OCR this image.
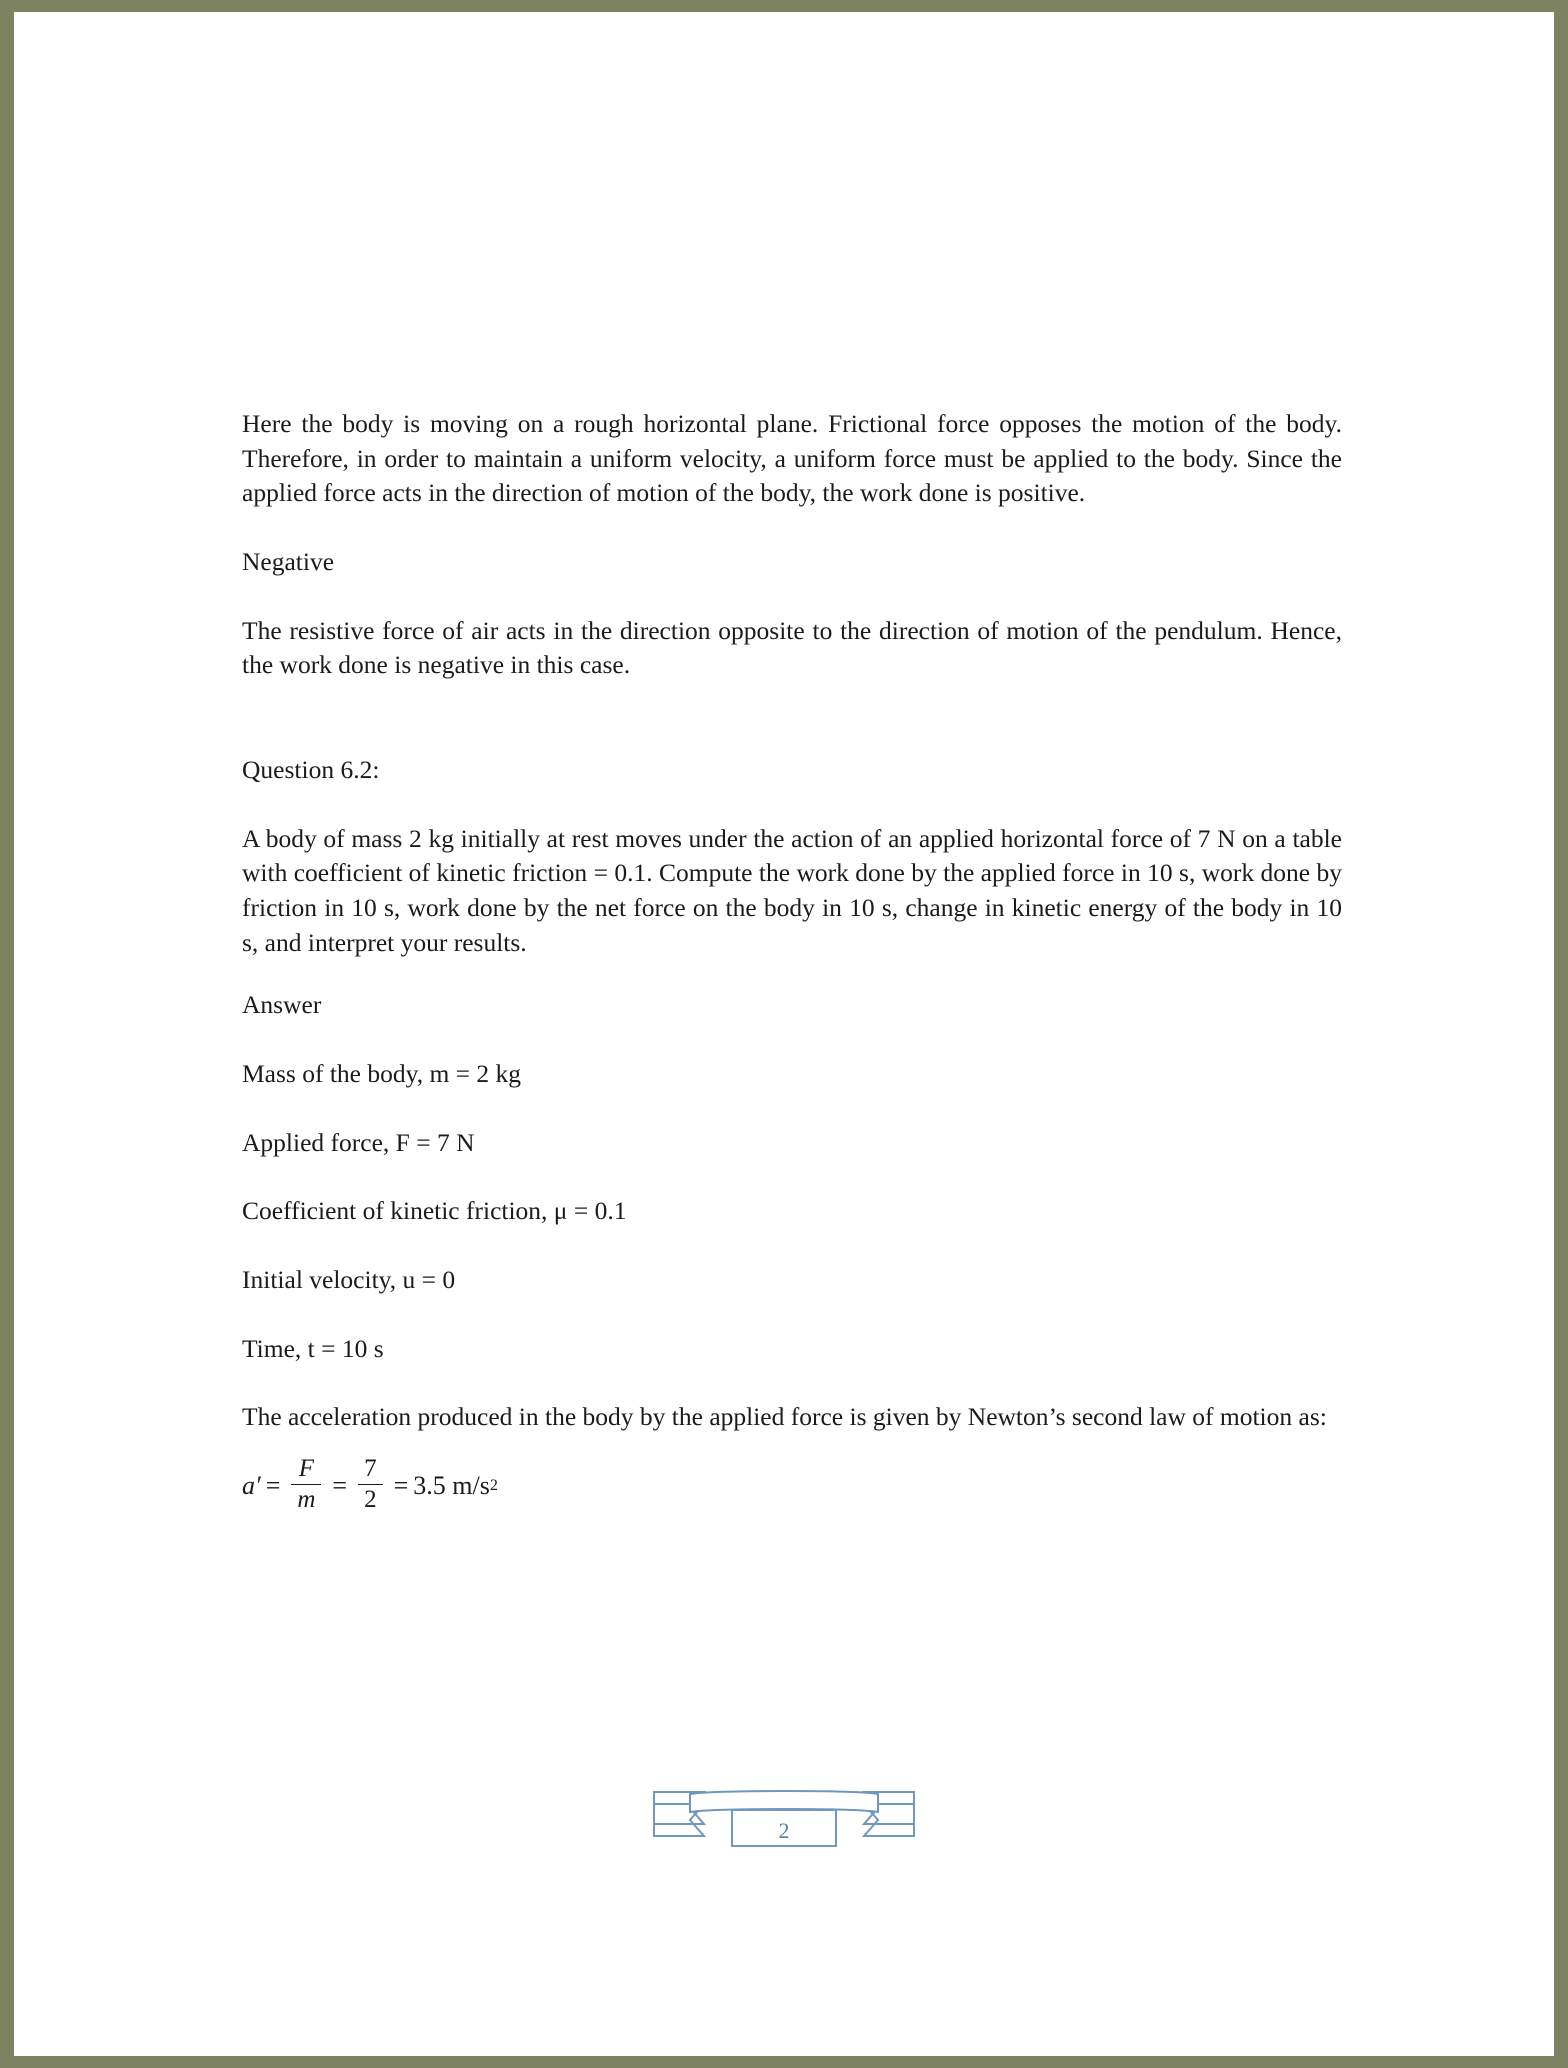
Here the body is moving on a rough horizontal plane. Frictional force opposes the motion of the body. Therefore, in order to maintain a uniform velocity, a uniform force must be applied to the body. Since the applied force acts in the direction of motion of the body, the work done is positive.

Negative

The resistive force of air acts in the direction opposite to the direction of motion of the pendulum. Hence, the work done is negative in this case.

Question 6.2:

A body of mass 2 kg initially at rest moves under the action of an applied horizontal force of 7 N on a table with coefficient of kinetic friction = 0.1. Compute the work done by the applied force in 10 s, work done by friction in 10 s, work done by the net force on the body in 10 s, change in kinetic energy of the body in 10 s, and interpret your results.

Answer

Mass of the body, m = 2 kg

Applied force, F = 7 N

Coefficient of kinetic friction, μ = 0.1

Initial velocity, u = 0

Time, t = 10 s

The acceleration produced in the body by the applied force is given by Newton’s second law of motion as:

$a' = \frac{F}{m} = \frac{7}{2} = 3.5$ m/s 2
2
